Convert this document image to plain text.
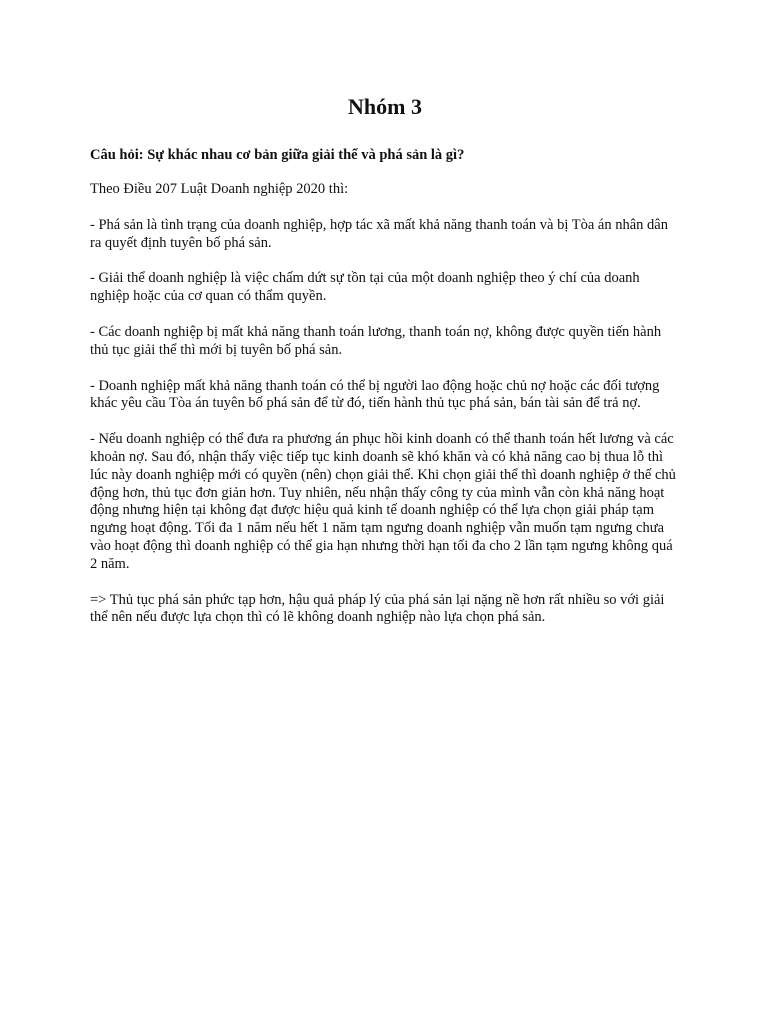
Nhóm 3

Câu hỏi: Sự khác nhau cơ bản giữa giải thể và phá sản là gì?

Theo Điều 207 Luật Doanh nghiệp 2020 thì:

- Phá sản là tình trạng của doanh nghiệp, hợp tác xã mất khả năng thanh toán và bị Tòa án nhân dân ra quyết định tuyên bố phá sản.

- Giải thể doanh nghiệp là việc chấm dứt sự tồn tại của một doanh nghiệp theo ý chí của doanh nghiệp hoặc của cơ quan có thẩm quyền.

- Các doanh nghiệp bị mất khả năng thanh toán lương, thanh toán nợ, không được quyền tiến hành thủ tục giải thể thì mới bị tuyên bố phá sản.

- Doanh nghiệp mất khả năng thanh toán có thể bị người lao động hoặc chủ nợ hoặc các đối tượng khác yêu cầu Tòa án tuyên bố phá sản để từ đó, tiến hành thủ tục phá sản, bán tài sản để trả nợ.

- Nếu doanh nghiệp có thể đưa ra phương án phục hồi kinh doanh có thể thanh toán hết lương và các khoản nợ. Sau đó, nhận thấy việc tiếp tục kinh doanh sẽ khó khăn và có khả năng cao bị thua lỗ thì lúc này doanh nghiệp mới có quyền (nên) chọn giải thể. Khi chọn giải thể thì doanh nghiệp ở thế chủ động hơn, thủ tục đơn giản hơn. Tuy nhiên, nếu nhận thấy công ty của mình vẫn còn khả năng hoạt động nhưng hiện tại không đạt được hiệu quả kinh tế doanh nghiệp có thể lựa chọn giải pháp tạm ngưng hoạt động. Tối đa 1 năm nếu hết 1 năm tạm ngưng doanh nghiệp vẫn muốn tạm ngưng chưa vào hoạt động thì doanh nghiệp có thể gia hạn nhưng thời hạn tối đa cho 2 lần tạm ngưng không quá 2 năm.

=> Thủ tục phá sản phức tạp hơn, hậu quả pháp lý của phá sản lại nặng nề hơn rất nhiều so với giải thể nên nếu được lựa chọn thì có lẽ không doanh nghiệp nào lựa chọn phá sản.
